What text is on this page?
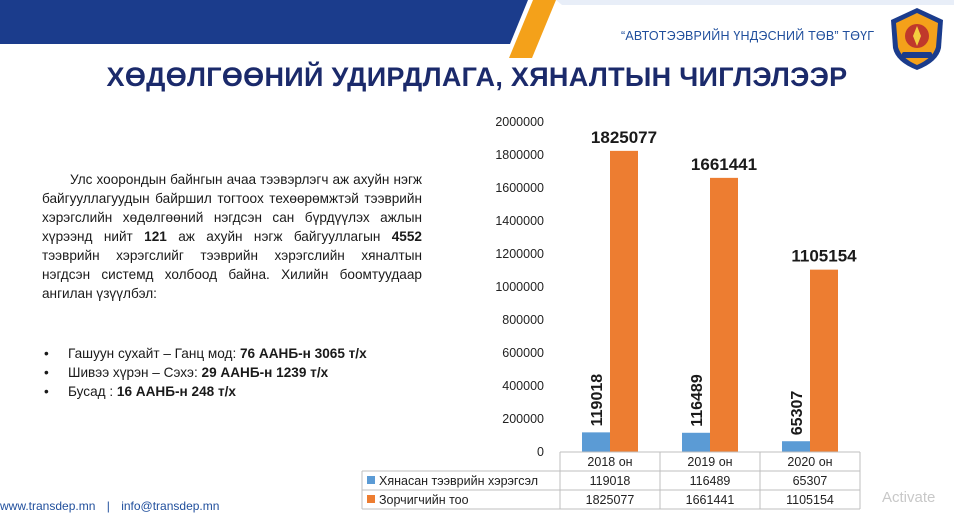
“АВТОТЭЭВРИЙН ҮНДЭСНИЙ ТӨВ” ТӨҮГ
ХӨДӨЛГӨӨНИЙ УДИРДЛАГА, ХЯНАЛТЫН ЧИГЛЭЛЭЭР
Улс хоорондын байнгын ачаа тээвэрлэгч аж ахуйн нэгж байгууллагуудын байршил тогтоох техөөрөмжтэй тээврийн хэрэгслийн хөдөлгөөний нэгдсэн сан бүрдүүлэх ажлын хүрээнд нийт 121 аж ахуйн нэгж байгууллагын 4552 тээврийн хэрэгслийг тээврийн хэрэгслийн хяналтын нэгдсэн системд холбоод байна. Хилийн боомтуудаар ангилан үзүүлбэл:
• Гашуун сухайт – Ганц мод: 76 ААНБ-н 3065 т/х
• Шивээ хүрэн – Сэхэ: 29 ААНБ-н 1239 т/х
• Бусад : 16 ААНБ-н 248 т/х
0
200000
400000
600000
800000
1000000
1200000
1400000
1600000
1800000
2000000
119018
1825077
116489
1661441
65307
1105154
2018 он	2019 он	2020 он
Хянасан тээврийн хэрэгсэл	119018	116489	65307
Зорчигчийн тоо	1825077	1661441	1105154
www.transdep.mn | info@transdep.mn	Activate
